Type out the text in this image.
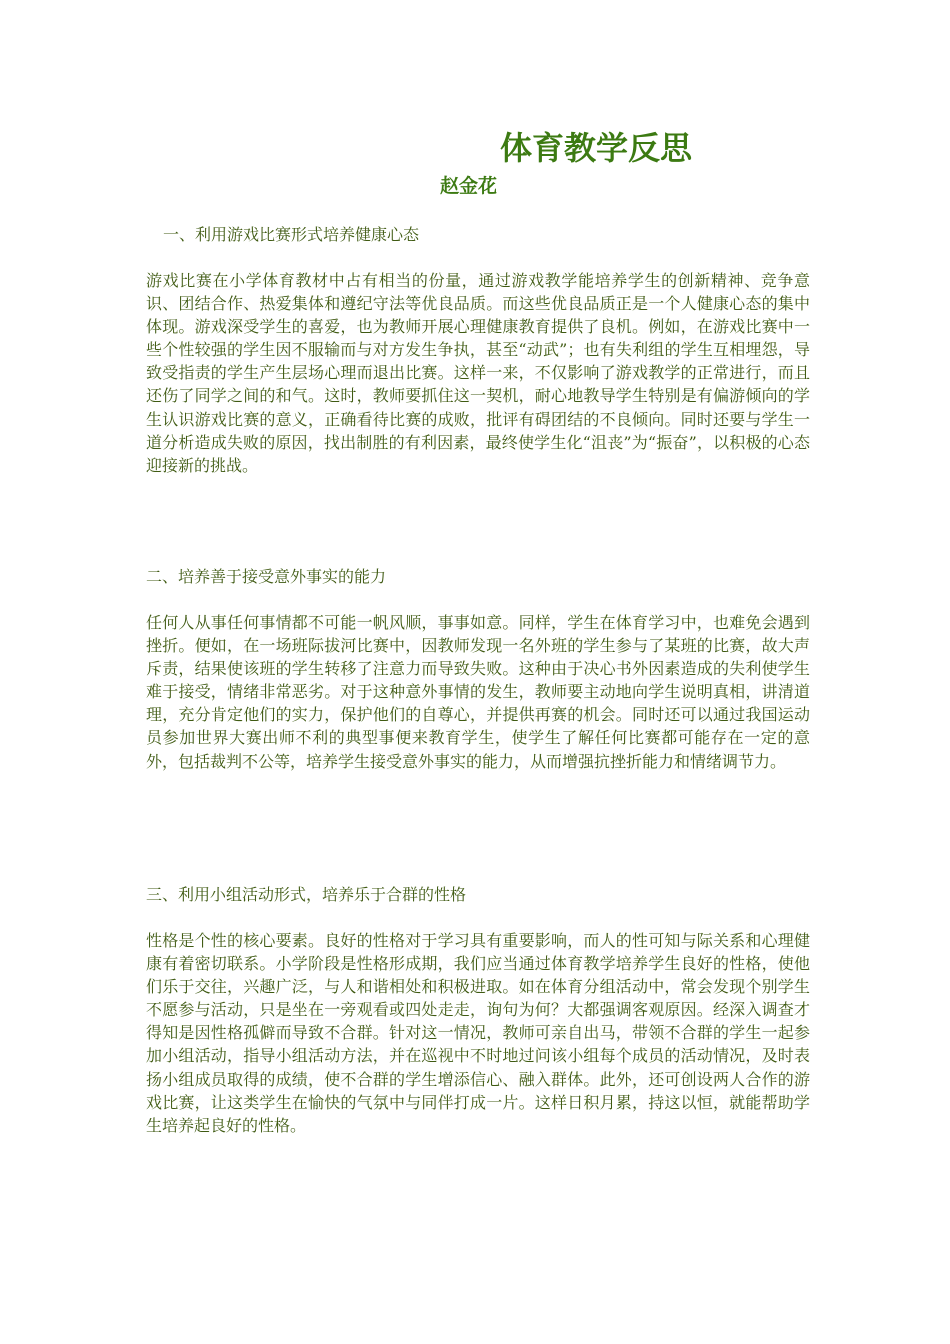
体育教学反思
赵金花
一、利用游戏比赛形式培养健康心态
游戏比赛在小学体育教材中占有相当的份量，通过游戏教学能培养学生的创新精神、竞争意识、团结合作、热爱集体和遵纪守法等优良品质。而这些优良品质正是一个人健康心态的集中体现。游戏深受学生的喜爱，也为教师开展心理健康教育提供了良机。例如，在游戏比赛中一些个性较强的学生因不服输而与对方发生争执，甚至“动武”；也有失利组的学生互相埋怨，导致受指责的学生产生层场心理而退出比赛。这样一来，不仅影响了游戏教学的正常进行，而且还伤了同学之间的和气。这时，教师要抓住这一契机，耐心地教导学生特别是有偏游倾向的学生认识游戏比赛的意义，正确看待比赛的成败，批评有碍团结的不良倾向。同时还要与学生一道分析造成失败的原因，找出制胜的有利因素，最终使学生化“沮丧”为“振奋”，以积极的心态迎接新的挑战。
二、培养善于接受意外事实的能力
任何人从事任何事情都不可能一帆风顺，事事如意。同样，学生在体育学习中，也难免会遇到挫折。便如，在一场班际拔河比赛中，因教师发现一名外班的学生参与了某班的比赛，故大声斥责，结果使该班的学生转移了注意力而导致失败。这种由于决心书外因素造成的失利使学生难于接受，情绪非常恶劣。对于这种意外事情的发生，教师要主动地向学生说明真相，讲清道理，充分肯定他们的实力，保护他们的自尊心，并提供再赛的机会。同时还可以通过我国运动员参加世界大赛出师不利的典型事便来教育学生，使学生了解任何比赛都可能存在一定的意外，包括裁判不公等，培养学生接受意外事实的能力，从而增强抗挫折能力和情绪调节力。
三、利用小组活动形式，培养乐于合群的性格
性格是个性的核心要素。良好的性格对于学习具有重要影响，而人的性可知与际关系和心理健康有着密切联系。小学阶段是性格形成期，我们应当通过体育教学培养学生良好的性格，使他们乐于交往，兴趣广泛，与人和谐相处和积极进取。如在体育分组活动中，常会发现个别学生不愿参与活动，只是坐在一旁观看或四处走走，询句为何？大都强调客观原因。经深入调查才得知是因性格孤僻而导致不合群。针对这一情况，教师可亲自出马，带领不合群的学生一起参加小组活动，指导小组活动方法，并在巡视中不时地过问该小组每个成员的活动情况，及时表扬小组成员取得的成绩，使不合群的学生增添信心、融入群体。此外，还可创设两人合作的游戏比赛，让这类学生在愉快的气氛中与同伴打成一片。这样日积月累，持这以恒，就能帮助学生培养起良好的性格。
